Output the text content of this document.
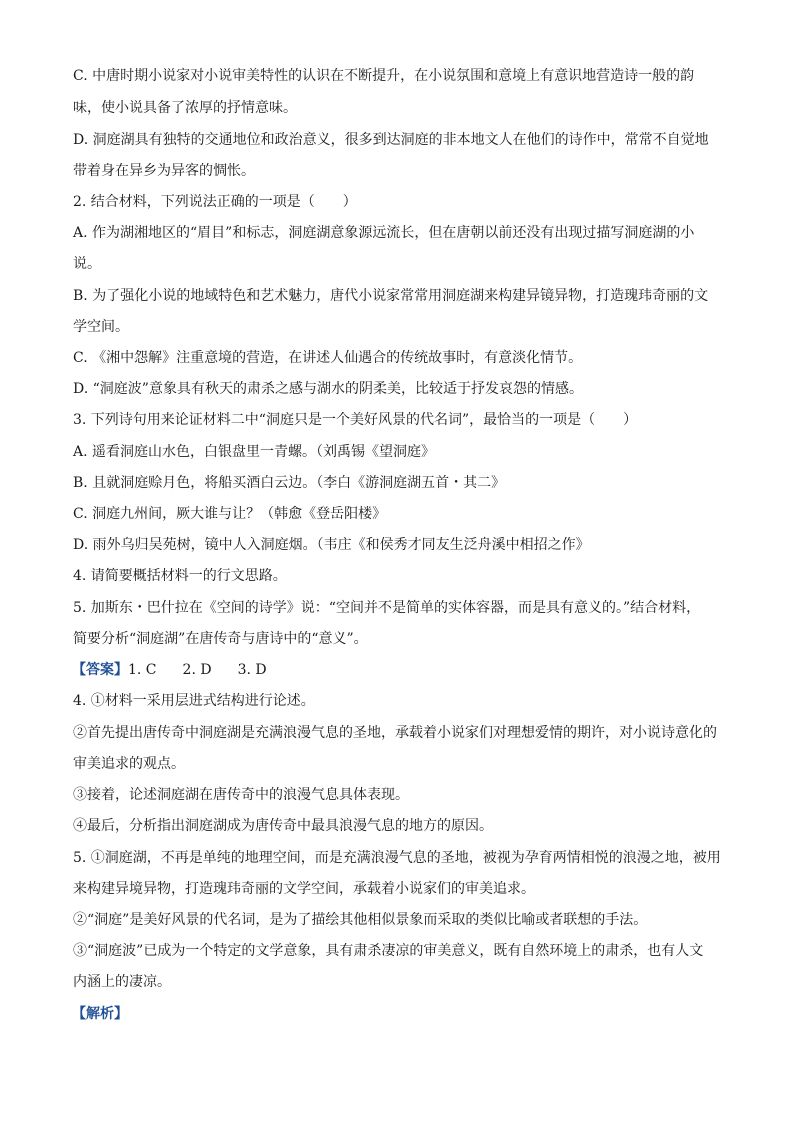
C. 中唐时期小说家对小说审美特性的认识在不断提升，在小说氛围和意境上有意识地营造诗一般的韵
味，使小说具备了浓厚的抒情意味。
D. 洞庭湖具有独特的交通地位和政治意义，很多到达洞庭的非本地文人在他们的诗作中，常常不自觉地
带着身在异乡为异客的惆怅。
2. 结合材料，下列说法正确的一项是（　　）
A. 作为湖湘地区的“眉目”和标志，洞庭湖意象源远流长，但在唐朝以前还没有出现过描写洞庭湖的小
说。
B. 为了强化小说的地域特色和艺术魅力，唐代小说家常常用洞庭湖来构建异镜异物，打造瑰玮奇丽的文
学空间。
C. 《湘中怨解》注重意境的营造，在讲述人仙遇合的传统故事时，有意淡化情节。
D. “洞庭波”意象具有秋天的肃杀之感与湖水的阴柔美，比较适于抒发哀怨的情感。
3. 下列诗句用来论证材料二中“洞庭只是一个美好风景的代名词”，最恰当的一项是（　　）
A. 遥看洞庭山水色，白银盘里一青螺。（刘禹锡《望洞庭》
B. 且就洞庭赊月色，将船买酒白云边。（李白《游洞庭湖五首・其二》
C. 洞庭九州间，厥大谁与让？（韩愈《登岳阳楼》
D. 雨外乌归吴苑树，镜中人入洞庭烟。（韦庄《和侯秀才同友生泛舟溪中相招之作》
4. 请简要概括材料一的行文思路。
5. 加斯东・巴什拉在《空间的诗学》说：“空间并不是简单的实体容器，而是具有意义的。”结合材料，
简要分析“洞庭湖”在唐传奇与唐诗中的“意义”。
【答案】1. C 2. D 3. D
4. ①材料一采用层进式结构进行论述。
②首先提出唐传奇中洞庭湖是充满浪漫气息的圣地，承载着小说家们对理想爱情的期许，对小说诗意化的
审美追求的观点。
③接着，论述洞庭湖在唐传奇中的浪漫气息具体表现。
④最后，分析指出洞庭湖成为唐传奇中最具浪漫气息的地方的原因。
5. ①洞庭湖，不再是单纯的地理空间，而是充满浪漫气息的圣地，被视为孕育两情相悦的浪漫之地，被用
来构建异境异物，打造瑰玮奇丽的文学空间，承载着小说家们的审美追求。
②“洞庭”是美好风景的代名词，是为了描绘其他相似景象而采取的类似比喻或者联想的手法。
③“洞庭波”已成为一个特定的文学意象，具有肃杀凄凉的审美意义，既有自然环境上的肃杀，也有人文
内涵上的凄凉。
【解析】
